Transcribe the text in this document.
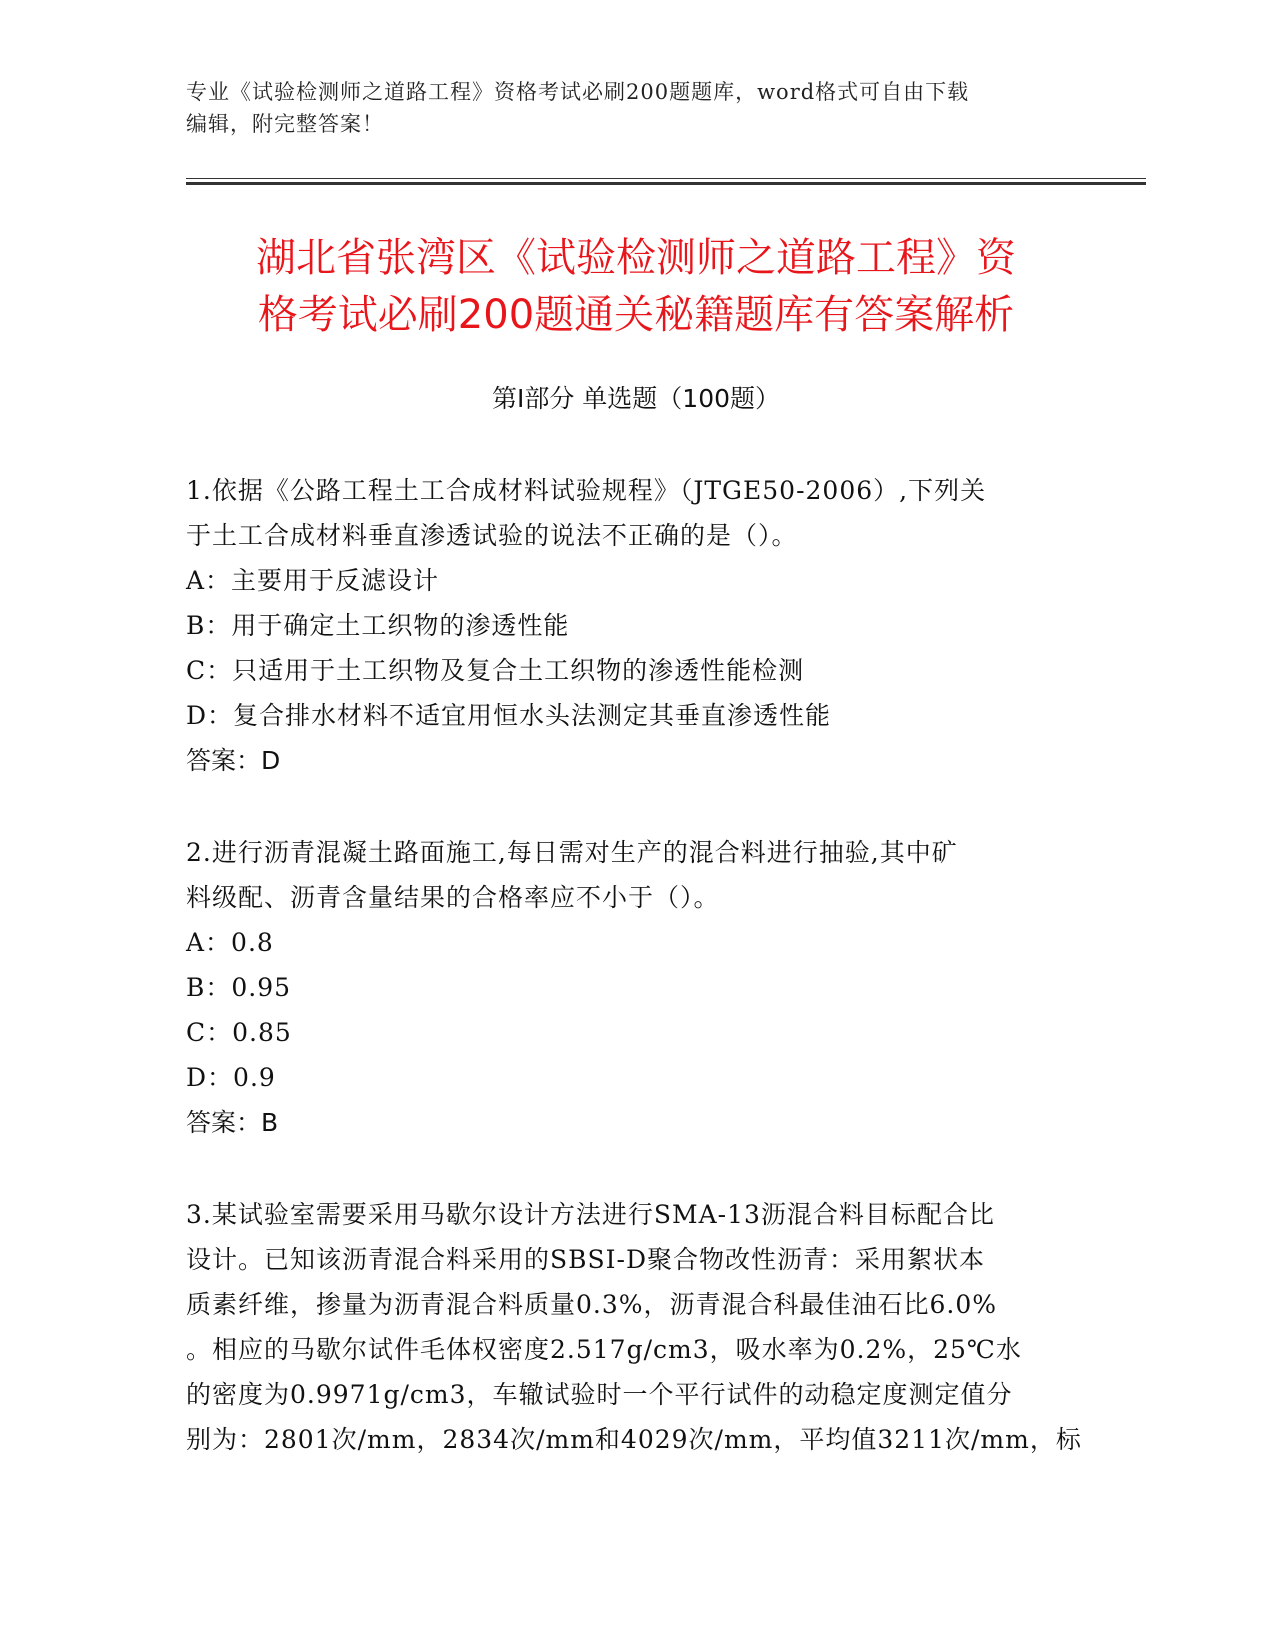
专业《试验检测师之道路工程》资格考试必刷200题题库，word格式可自由下载
编辑，附完整答案！
湖北省张湾区《试验检测师之道路工程》资
格考试必刷200题通关秘籍题库有答案解析
第Ⅰ部分 单选题（100题）
1.依据《公路工程土工合成材料试验规程》（JTGE50-2006）,下列关
于土工合成材料垂直渗透试验的说法不正确的是（）。
A：主要用于反滤设计
B：用于确定土工织物的渗透性能
C：只适用于土工织物及复合土工织物的渗透性能检测
D：复合排水材料不适宜用恒水头法测定其垂直渗透性能
答案：D
2.进行沥青混凝土路面施工,每日需对生产的混合料进行抽验,其中矿
料级配、沥青含量结果的合格率应不小于（）。
A：0.8
B：0.95
C：0.85
D：0.9
答案：B
3.某试验室需要采用马歇尔设计方法进行SMA-13沥混合料目标配合比
设计。已知该沥青混合料采用的SBSI-D聚合物改性沥青：采用絮状本
质素纤维，掺量为沥青混合料质量0.3%，沥青混合科最佳油石比6.0%
。相应的马歇尔试件毛体权密度2.517g/cm3，吸水率为0.2%，25℃水
的密度为0.9971g/cm3，车辙试验时一个平行试件的动稳定度测定值分
别为：2801次/mm，2834次/mm和4029次/mm，平均值3211次/mm，标
